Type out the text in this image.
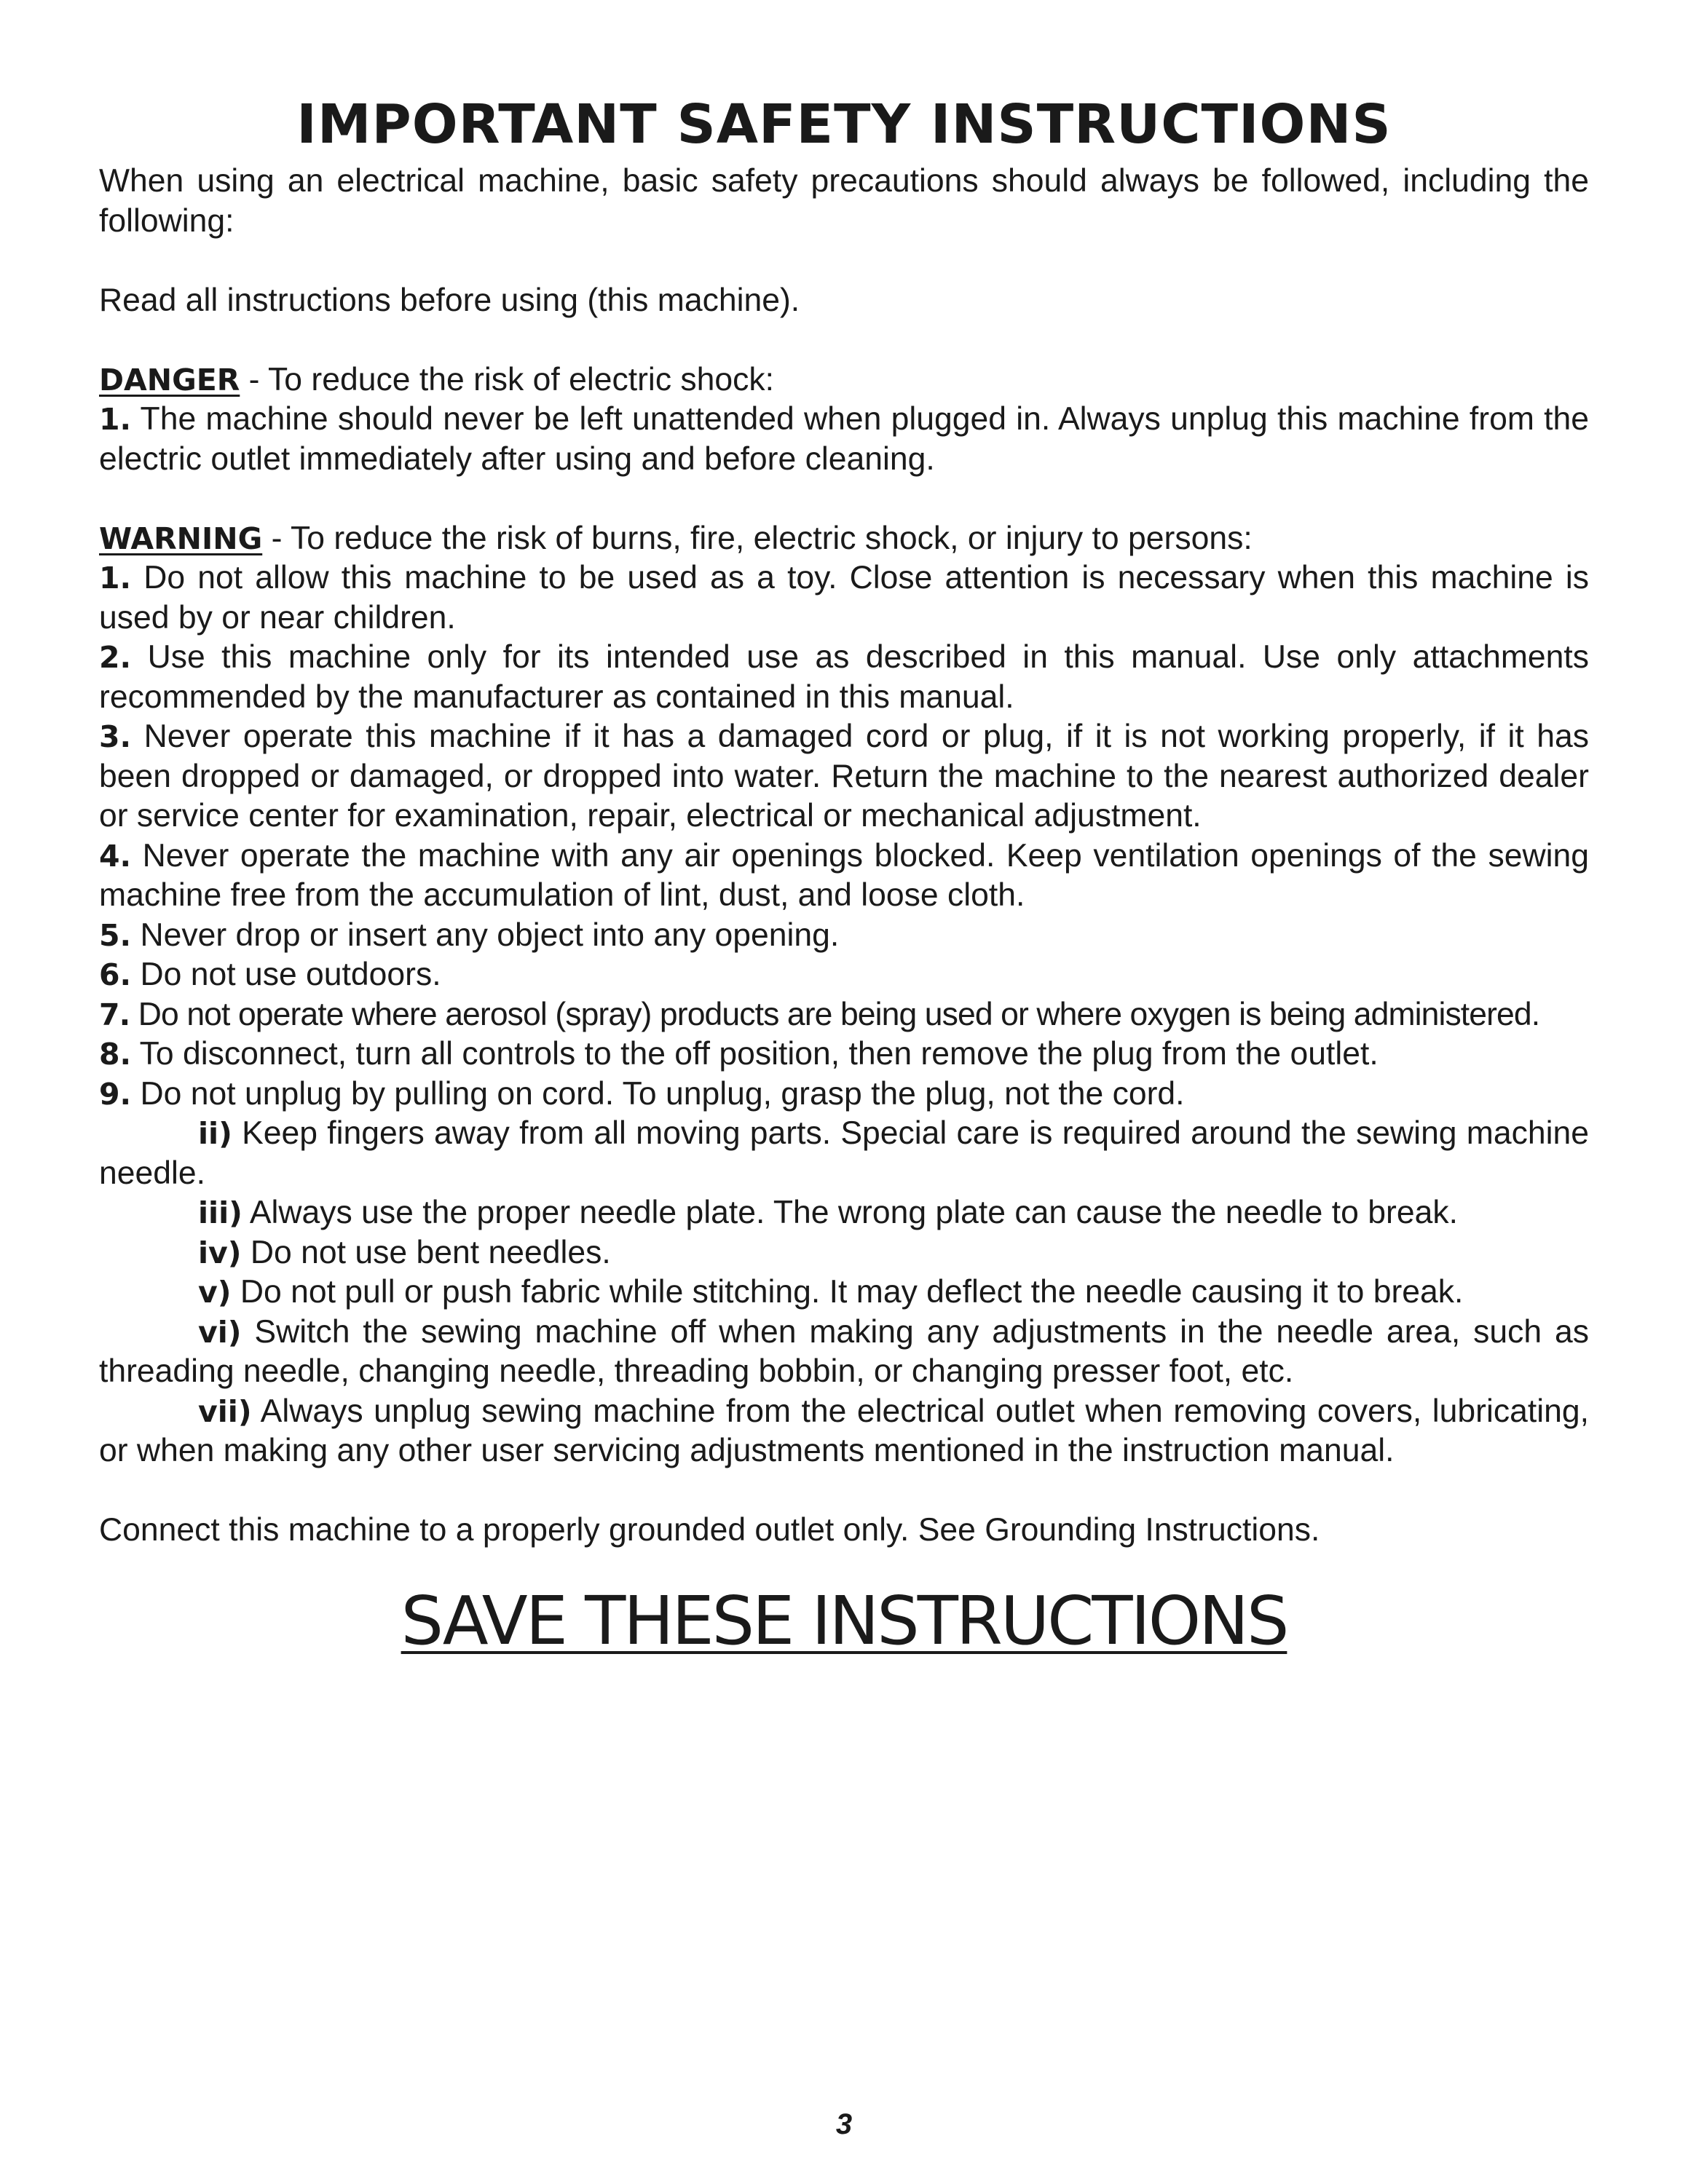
IMPORTANT SAFETY INSTRUCTIONS

When using an electrical machine, basic safety precautions should always be followed, including the following:

Read all instructions before using (this machine).

DANGER - To reduce the risk of electric shock:

1. The machine should never be left unattended when plugged in. Always unplug this machine from the electric outlet immediately after using and before cleaning.

WARNING - To reduce the risk of burns, fire, electric shock, or injury to persons:

1. Do not allow this machine to be used as a toy. Close attention is necessary when this machine is used by or near children.

2. Use this machine only for its intended use as described in this manual. Use only attachments recommended by the manufacturer as contained in this manual.

3. Never operate this machine if it has a damaged cord or plug, if it is not working properly, if it has been dropped or damaged, or dropped into water. Return the machine to the nearest authorized dealer or service center for examination, repair, electrical or mechanical adjustment.

4. Never operate the machine with any air openings blocked. Keep ventilation openings of the sewing machine free from the accumulation of lint, dust, and loose cloth.

5. Never drop or insert any object into any opening.

6. Do not use outdoors.

7. Do not operate where aerosol (spray) products are being used or where oxygen is being administered.

8. To disconnect, turn all controls to the off position, then remove the plug from the outlet.

9. Do not unplug by pulling on cord. To unplug, grasp the plug, not the cord.

ii) Keep fingers away from all moving parts. Special care is required around the sewing machine needle.

iii) Always use the proper needle plate. The wrong plate can cause the needle to break.

iv) Do not use bent needles.

v) Do not pull or push fabric while stitching. It may deflect the needle causing it to break.

vi) Switch the sewing machine off when making any adjustments in the needle area, such as threading needle, changing needle, threading bobbin, or changing presser foot, etc.

vii) Always unplug sewing machine from the electrical outlet when removing covers, lubricating, or when making any other user servicing adjustments mentioned in the instruction manual.

Connect this machine to a properly grounded outlet only. See Grounding Instructions.

SAVE THESE INSTRUCTIONS
3
